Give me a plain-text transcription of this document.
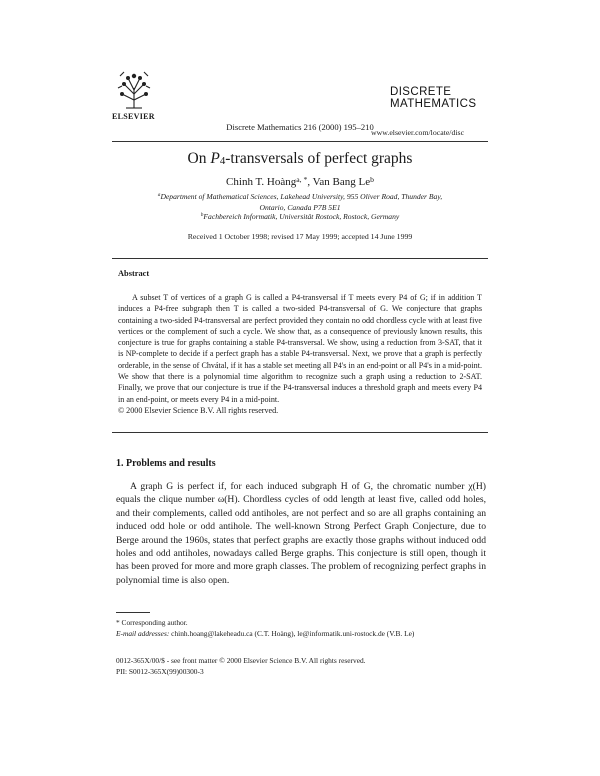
ELSEVIER
Discrete Mathematics 216 (2000) 195–210
DISCRETE
MATHEMATICS
www.elsevier.com/locate/disc
On $P_4$-transversals of perfect graphs
Chinh T. Hoàng$^{a, *}$, Van Bang Le$^b$
$^a$Department of Mathematical Sciences, Lakehead University, 955 Oliver Road, Thunder Bay,
Ontario, Canada P7B 5E1
$^b$Fachbereich Informatik, Universität Rostock, Rostock, Germany
Received 1 October 1998; revised 17 May 1999; accepted 14 June 1999
Abstract
A subset T of vertices of a graph G is called a P4-transversal if T meets every P4 of G; if in addition T induces a P4-free subgraph then T is called a two-sided P4-transversal of G. We conjecture that graphs containing a two-sided P4-transversal are perfect provided they contain no odd chordless cycle with at least five vertices or the complement of such a cycle. We show that, as a consequence of previously known results, this conjecture is true for graphs containing a stable P4-transversal. We show, using a reduction from 3-SAT, that it is NP-complete to decide if a perfect graph has a stable P4-transversal. Next, we prove that a graph is perfectly orderable, in the sense of Chvátal, if it has a stable set meeting all P4's in an end-point or all P4's in a mid-point. We show that there is a polynomial time algorithm to recognize such a graph using a reduction to 2-SAT. Finally, we prove that our conjecture is true if the P4-transversal induces a threshold graph and meets every P4 in an end-point, or meets every P4 in a mid-point.
© 2000 Elsevier Science B.V. All rights reserved.
1. Problems and results
A graph G is perfect if, for each induced subgraph H of G, the chromatic number χ(H) equals the clique number ω(H). Chordless cycles of odd length at least five, called odd holes, and their complements, called odd antiholes, are not perfect and so are all graphs containing an induced odd hole or odd antihole. The well-known Strong Perfect Graph Conjecture, due to Berge around the 1960s, states that perfect graphs are exactly those graphs without induced odd holes and odd antiholes, nowadays called Berge graphs. This conjecture is still open, though it has been proved for more and more graph classes. The problem of recognizing perfect graphs in polynomial time is also open.
* Corresponding author.
E-mail addresses: chinh.hoang@lakeheadu.ca (C.T. Hoàng), le@informatik.uni-rostock.de (V.B. Le)
0012-365X/00/$ - see front matter © 2000 Elsevier Science B.V. All rights reserved.
PII: S0012-365X(99)00300-3
